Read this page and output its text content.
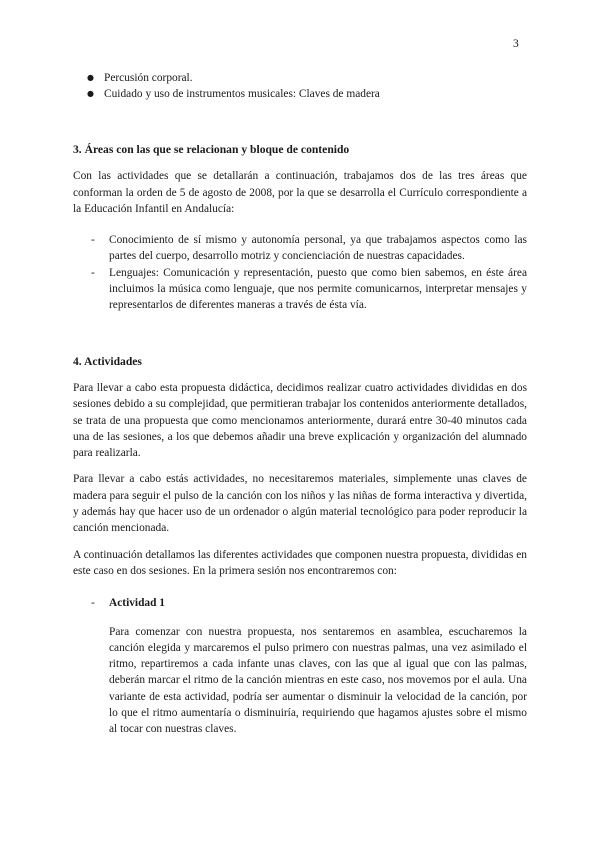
3
● Percusión corporal.
● Cuidado y uso de instrumentos musicales: Claves de madera
3. Áreas con las que se relacionan y bloque de contenido

Con las actividades que se detallarán a continuación, trabajamos dos de las tres áreas que conforman la orden de 5 de agosto de 2008, por la que se desarrolla el Currículo correspondiente a la Educación Infantil en Andalucía:

- Conocimiento de sí mismo y autonomía personal, ya que trabajamos aspectos como las partes del cuerpo, desarrollo motriz y concienciación de nuestras capacidades.
- Lenguajes: Comunicación y representación, puesto que como bien sabemos, en éste área incluimos la música como lenguaje, que nos permite comunicarnos, interpretar mensajes y representarlos de diferentes maneras a través de ésta vía.
4. Actividades

Para llevar a cabo esta propuesta didáctica, decidimos realizar cuatro actividades divididas en dos sesiones debido a su complejidad, que permitieran trabajar los contenidos anteriormente detallados, se trata de una propuesta que como mencionamos anteriormente, durará entre 30-40 minutos cada una de las sesiones, a los que debemos añadir una breve explicación y organización del alumnado para realizarla.

Para llevar a cabo estás actividades, no necesitaremos materiales, simplemente unas claves de madera para seguir el pulso de la canción con los niños y las niñas de forma interactiva y divertida, y además hay que hacer uso de un ordenador o algún material tecnológico para poder reproducir la canción mencionada.

A continuación detallamos las diferentes actividades que componen nuestra propuesta, divididas en este caso en dos sesiones. En la primera sesión nos encontraremos con:

- Actividad 1

Para comenzar con nuestra propuesta, nos sentaremos en asamblea, escucharemos la canción elegida y marcaremos el pulso primero con nuestras palmas, una vez asimilado el ritmo, repartiremos a cada infante unas claves, con las que al igual que con las palmas, deberán marcar el ritmo de la canción mientras en este caso, nos movemos por el aula. Una variante de esta actividad, podría ser aumentar o disminuir la velocidad de la canción, por lo que el ritmo aumentaría o disminuiría, requiriendo que hagamos ajustes sobre el mismo al tocar con nuestras claves.
